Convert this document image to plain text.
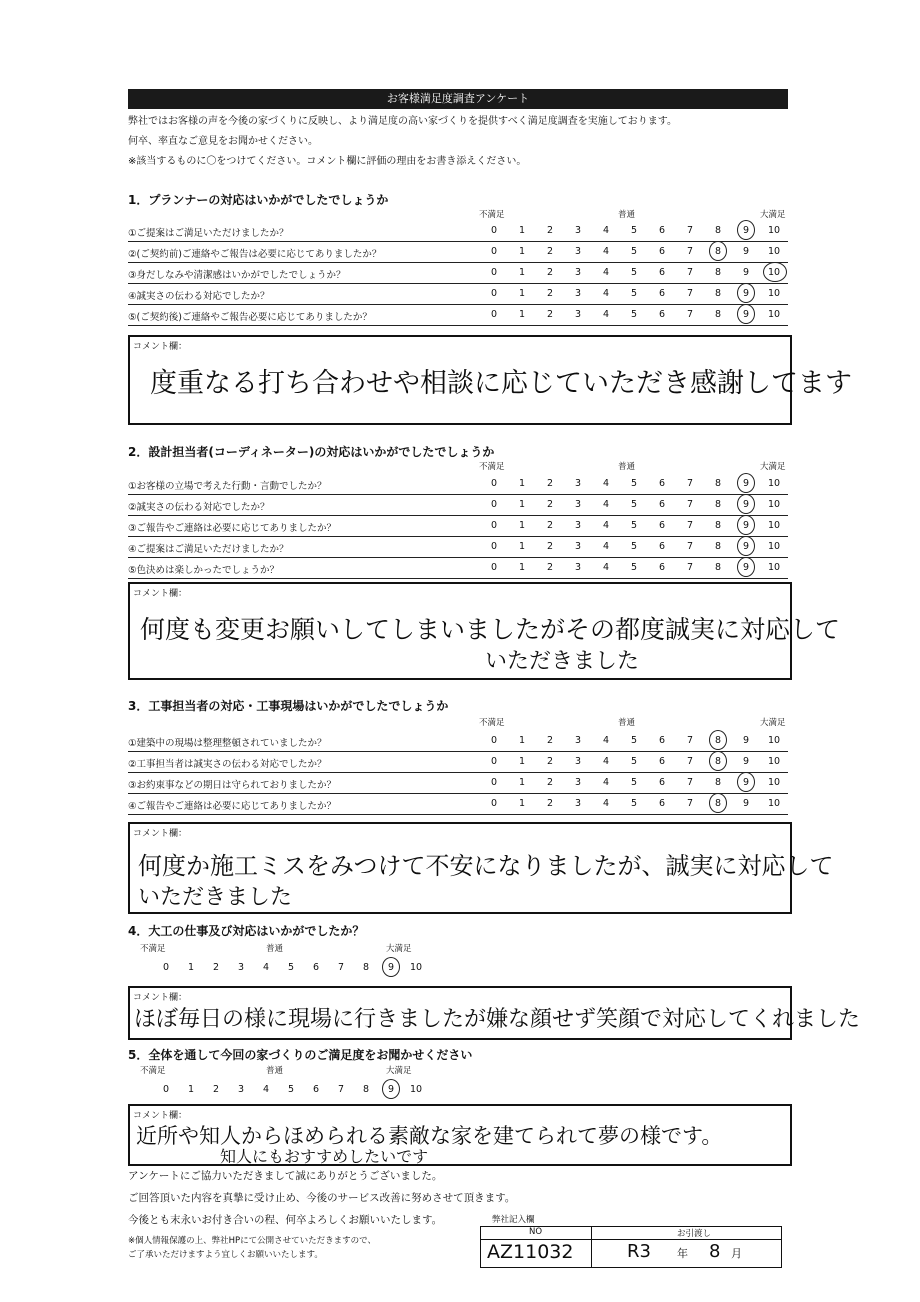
お客様満足度調査アンケート
弊社ではお客様の声を今後の家づくりに反映し、より満足度の高い家づくりを提供すべく満足度調査を実施しております。
何卒、率直なご意見をお聞かせください。
※該当するものに〇をつけてください。コメント欄に評価の理由をお書き添えください。
1．プランナーの対応はいかがでしたでしょうか
不満足	普通	大満足
①ご提案はご満足いただけましたか？	0	1	2	3	4	5	6	7	8	9	10
②(ご契約前)ご連絡やご報告は必要に応じてありましたか？	0	1	2	3	4	5	6	7	8	9	10
③身だしなみや清潔感はいかがでしたでしょうか？	0	1	2	3	4	5	6	7	8	9	10
④誠実さの伝わる対応でしたか？	0	1	2	3	4	5	6	7	8	9	10
⑤(ご契約後)ご連絡やご報告必要に応じてありましたか？	0	1	2	3	4	5	6	7	8	9	10
コメント欄：
度重なる打ち合わせや相談に応じていただき感謝してます
2．設計担当者(コーディネーター)の対応はいかがでしたでしょうか
不満足	普通	大満足
①お客様の立場で考えた行動・言動でしたか？	0	1	2	3	4	5	6	7	8	9	10
②誠実さの伝わる対応でしたか？	0	1	2	3	4	5	6	7	8	9	10
③ご報告やご連絡は必要に応じてありましたか？	0	1	2	3	4	5	6	7	8	9	10
④ご提案はご満足いただけましたか？	0	1	2	3	4	5	6	7	8	9	10
⑤色決めは楽しかったでしょうか？	0	1	2	3	4	5	6	7	8	9	10
コメント欄：
何度も変更お願いしてしまいましたがその都度誠実に対応して
いただきました
3．工事担当者の対応・工事現場はいかがでしたでしょうか
不満足	普通	大満足
①建築中の現場は整理整頓されていましたか？	0	1	2	3	4	5	6	7	8	9	10
②工事担当者は誠実さの伝わる対応でしたか？	0	1	2	3	4	5	6	7	8	9	10
③お約束事などの期日は守られておりましたか？	0	1	2	3	4	5	6	7	8	9	10
④ご報告やご連絡は必要に応じてありましたか？	0	1	2	3	4	5	6	7	8	9	10
コメント欄：
何度か施工ミスをみつけて不安になりましたが、誠実に対応して
いただきました
4．大工の仕事及び対応はいかがでしたか？
不満足	普通	大満足
0	1	2	3	4	5	6	7	8	9	10
コメント欄：
ほぼ毎日の様に現場に行きましたが嫌な顔せず笑顔で対応してくれました
5．全体を通して今回の家づくりのご満足度をお聞かせください
不満足	普通	大満足
0	1	2	3	4	5	6	7	8	9	10
コメント欄：
近所や知人からほめられる素敵な家を建てられて夢の様です。
知人にもおすすめしたいです
アンケートにご協力いただきまして誠にありがとうございました。
ご回答頂いた内容を真摯に受け止め、今後のサービス改善に努めさせて頂きます。
今後とも末永いお付き合いの程、何卒よろしくお願いいたします。
※個人情報保護の上、弊社HPにて公開させていただきますので、
ご了承いただけますよう宜しくお願いいたします。
弊社記入欄
NO	お引渡し
AZ11032	R3 年 8 月
